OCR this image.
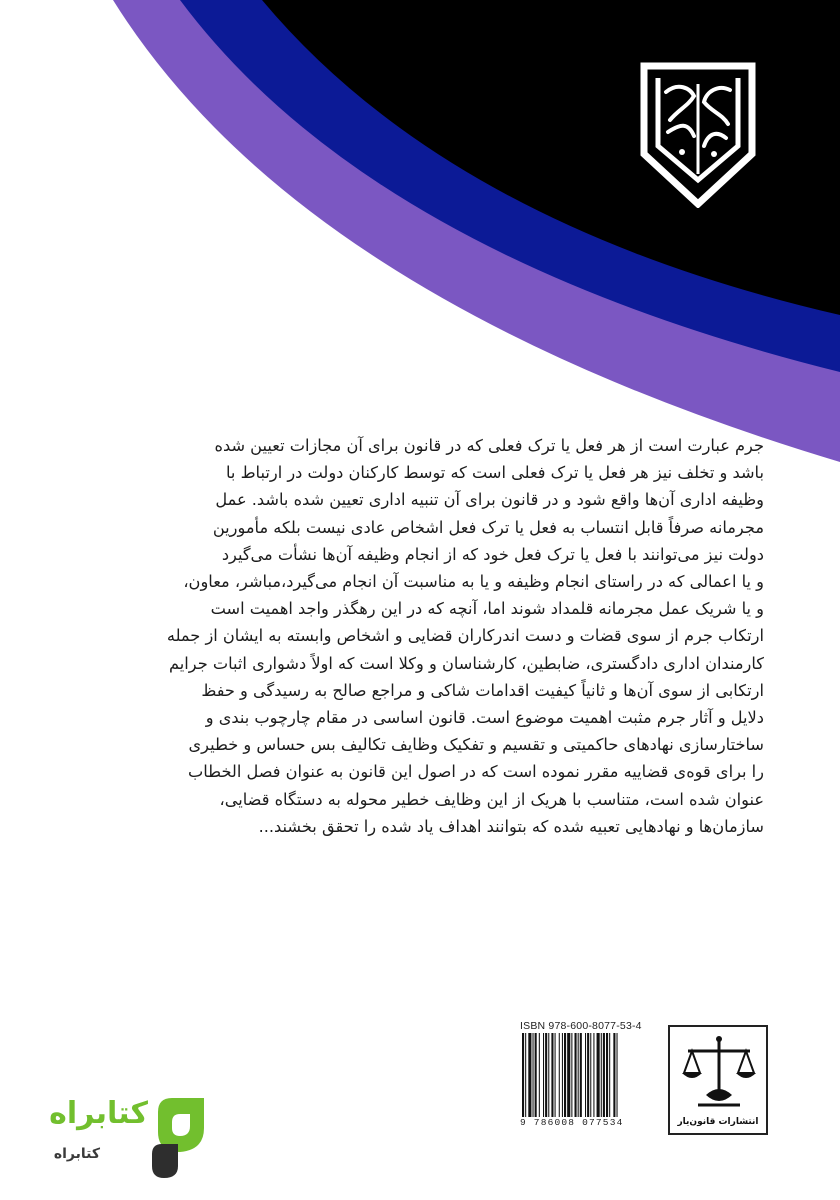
جرم عبارت است از هر فعل یا ترک فعلی که در قانون برای آن مجازات تعیین شده

باشد و تخلف نیز هر فعل یا ترک فعلی است که توسط کارکنان دولت در ارتباط با

وظیفه اداری آن‌ها واقع شود و در قانون برای آن تنبیه اداری تعیین شده باشد. عمل

مجرمانه صرفاً قابل انتساب به فعل یا ترک فعل اشخاص عادی نیست بلکه مأمورین

دولت نیز می‌توانند با فعل یا ترک فعل خود که از انجام وظیفه آن‌ها نشأت می‌گیرد

و یا اعمالی که در راستای انجام وظیفه و یا به مناسبت آن انجام می‌گیرد،مباشر، معاون،

و یا شریک عمل مجرمانه قلمداد شوند اما، آنچه که در این رهگذر واجد اهمیت است

ارتکاب جرم از سوی قضات و دست اندرکاران قضایی و اشخاص وابسته به ایشان از جمله

کارمندان اداری دادگستری، ضابطین، کارشناسان و وکلا است که اولاً دشواری اثبات جرایم

ارتکابی از سوی آن‌ها و ثانیاً کیفیت اقدامات شاکی و مراجع صالح به رسیدگی و حفظ

دلایل و آثار جرم مثبت اهمیت موضوع است. قانون اساسی در مقام چارچوب بندی و

ساختارسازی نهادهای حاکمیتی و تقسیم و تفکیک وظایف تکالیف بس حساس و خطیری

را برای قوه‌ی قضاییه مقرر نموده است که در اصول این قانون به عنوان فصل الخطاب

عنوان شده است، متناسب با هریک از این وظایف خطیر محوله به دستگاه قضایی،

سازمان‌ها و نهادهایی تعبیه شده که بتوانند اهداف یاد شده را تحقق بخشند...

ISBN 978-600-8077-53-4
9 786008 077534	انتشارات قانون‌یار
کتابراه
کتابراه
